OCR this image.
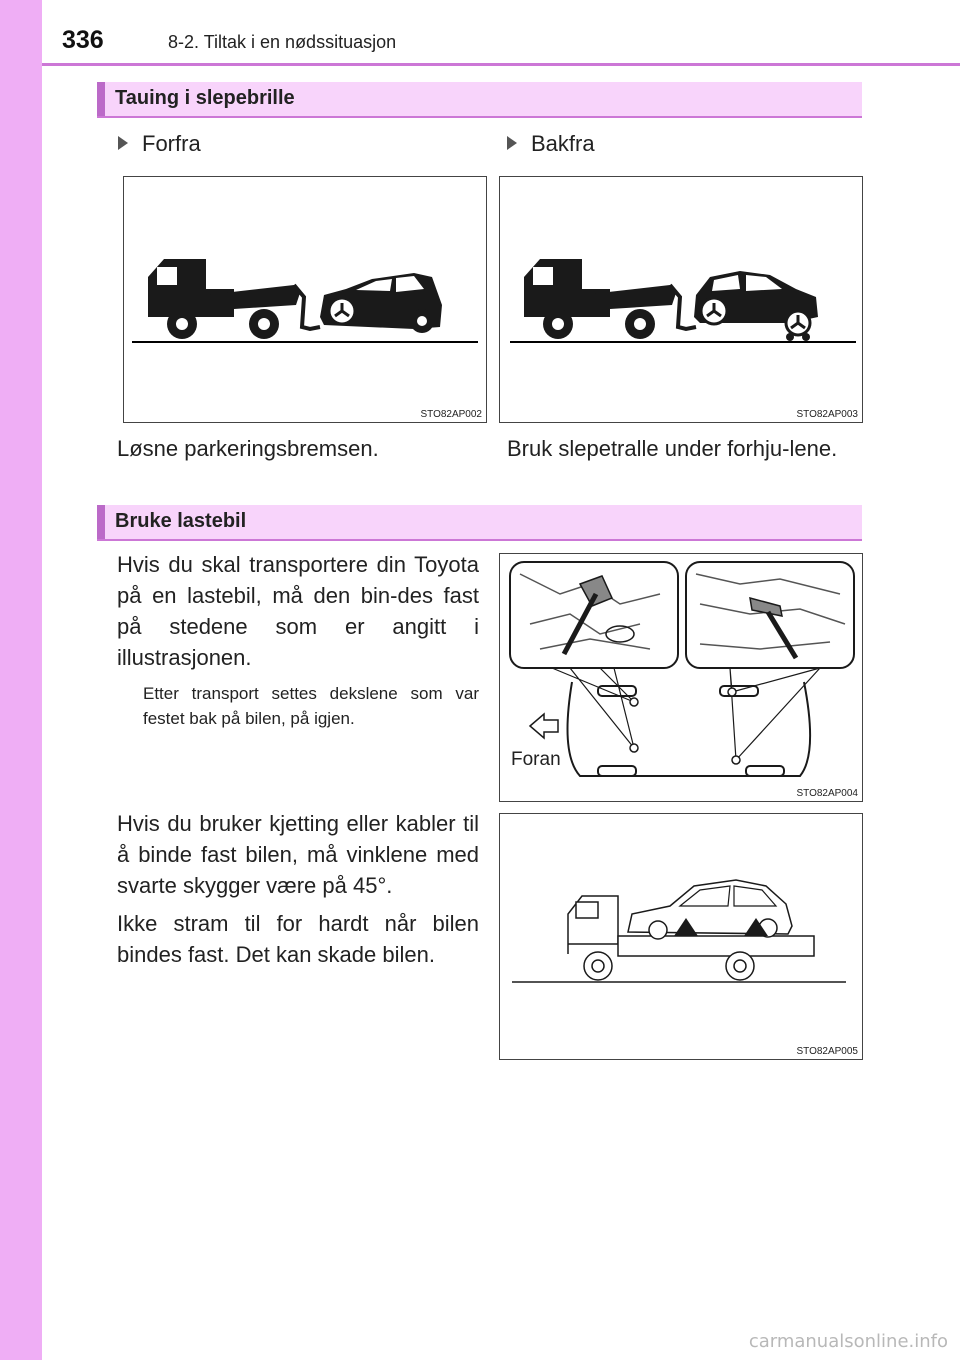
336	8-2. Tiltak i en nødssituasjon
Tauing i slepebrille
Forfra	Bakfra
STO82AP002	STO82AP003
Løsne parkeringsbremsen.	Bruk slepetralle under forhju-lene.
Bruke lastebil
Hvis du skal transportere din Toyota på en lastebil, må den bin-des fast på stedene som er angitt i illustrasjonen.
Etter transport settes dekslene som var festet bak på bilen, på igjen.
Hvis du bruker kjetting eller kabler til å binde fast bilen, må vinklene med svarte skygger være på 45°.
Ikke stram til for hardt når bilen bindes fast. Det kan skade bilen.
Foran
STO82AP004
STO82AP005
carmanualsonline.info
